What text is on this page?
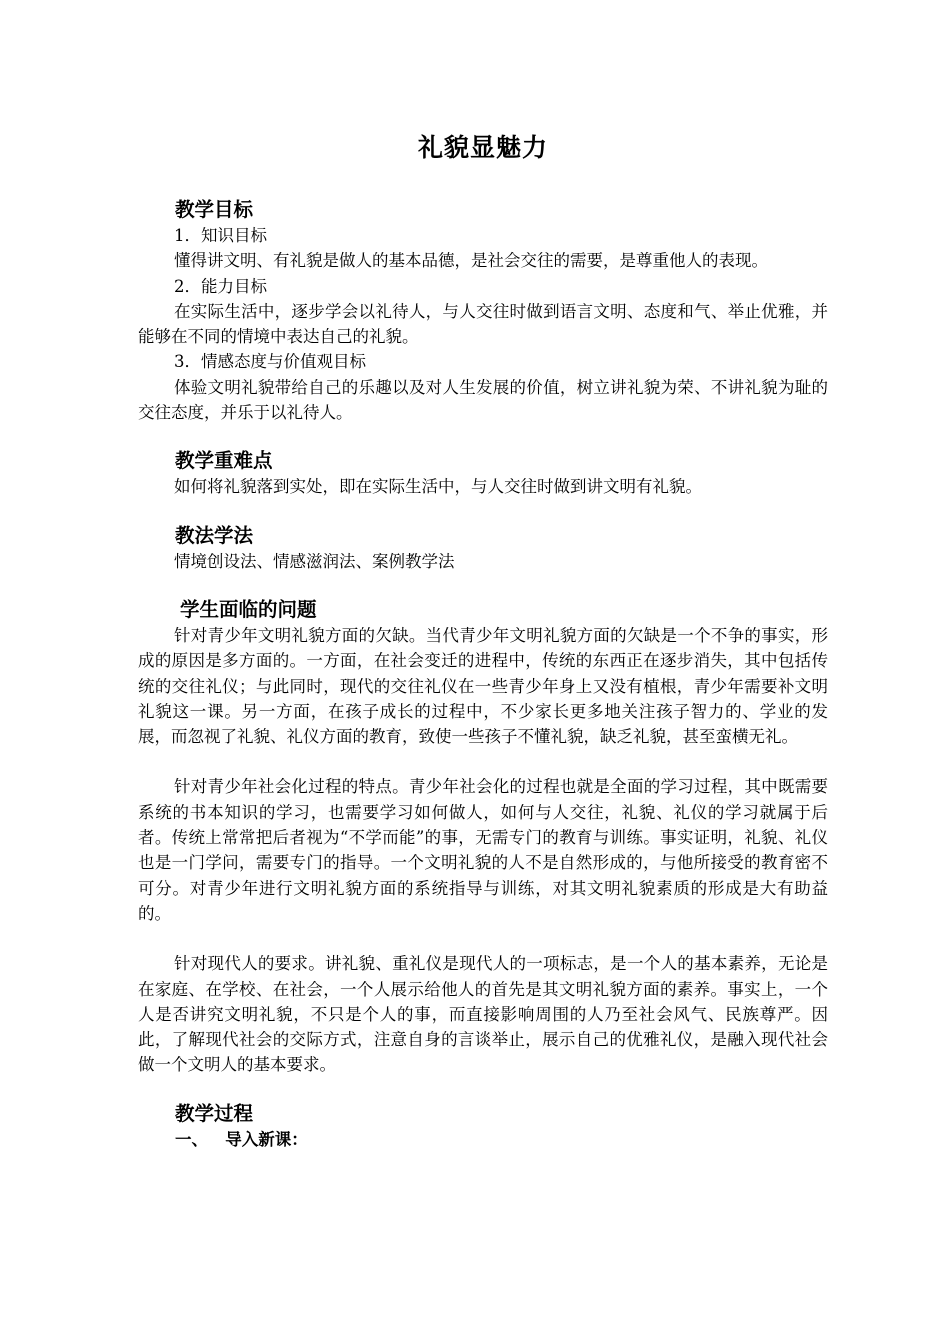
礼貌显魅力
教学目标

1．知识目标

懂得讲文明、有礼貌是做人的基本品德，是社会交往的需要，是尊重他人的表现。

2．能力目标

在实际生活中，逐步学会以礼待人，与人交往时做到语言文明、态度和气、举止优雅，并能够在不同的情境中表达自己的礼貌。

3．情感态度与价值观目标

体验文明礼貌带给自己的乐趣以及对人生发展的价值，树立讲礼貌为荣、不讲礼貌为耻的交往态度，并乐于以礼待人。

教学重难点

如何将礼貌落到实处，即在实际生活中，与人交往时做到讲文明有礼貌。

教法学法

情境创设法、情感滋润法、案例教学法

学生面临的问题

针对青少年文明礼貌方面的欠缺。当代青少年文明礼貌方面的欠缺是一个不争的事实，形成的原因是多方面的。一方面，在社会变迁的进程中，传统的东西正在逐步消失，其中包括传统的交往礼仪；与此同时，现代的交往礼仪在一些青少年身上又没有植根，青少年需要补文明礼貌这一课。另一方面，在孩子成长的过程中，不少家长更多地关注孩子智力的、学业的发展，而忽视了礼貌、礼仪方面的教育，致使一些孩子不懂礼貌，缺乏礼貌，甚至蛮横无礼。

针对青少年社会化过程的特点。青少年社会化的过程也就是全面的学习过程，其中既需要系统的书本知识的学习，也需要学习如何做人，如何与人交往，礼貌、礼仪的学习就属于后者。传统上常常把后者视为“不学而能”的事，无需专门的教育与训练。事实证明，礼貌、礼仪也是一门学问，需要专门的指导。一个文明礼貌的人不是自然形成的，与他所接受的教育密不可分。对青少年进行文明礼貌方面的系统指导与训练，对其文明礼貌素质的形成是大有助益的。

针对现代人的要求。讲礼貌、重礼仪是现代人的一项标志，是一个人的基本素养，无论是在家庭、在学校、在社会，一个人展示给他人的首先是其文明礼貌方面的素养。事实上，一个人是否讲究文明礼貌，不只是个人的事，而直接影响周围的人乃至社会风气、民族尊严。因此，了解现代社会的交际方式，注意自身的言谈举止，展示自己的优雅礼仪，是融入现代社会做一个文明人的基本要求。

教学过程

一、   导入新课：
